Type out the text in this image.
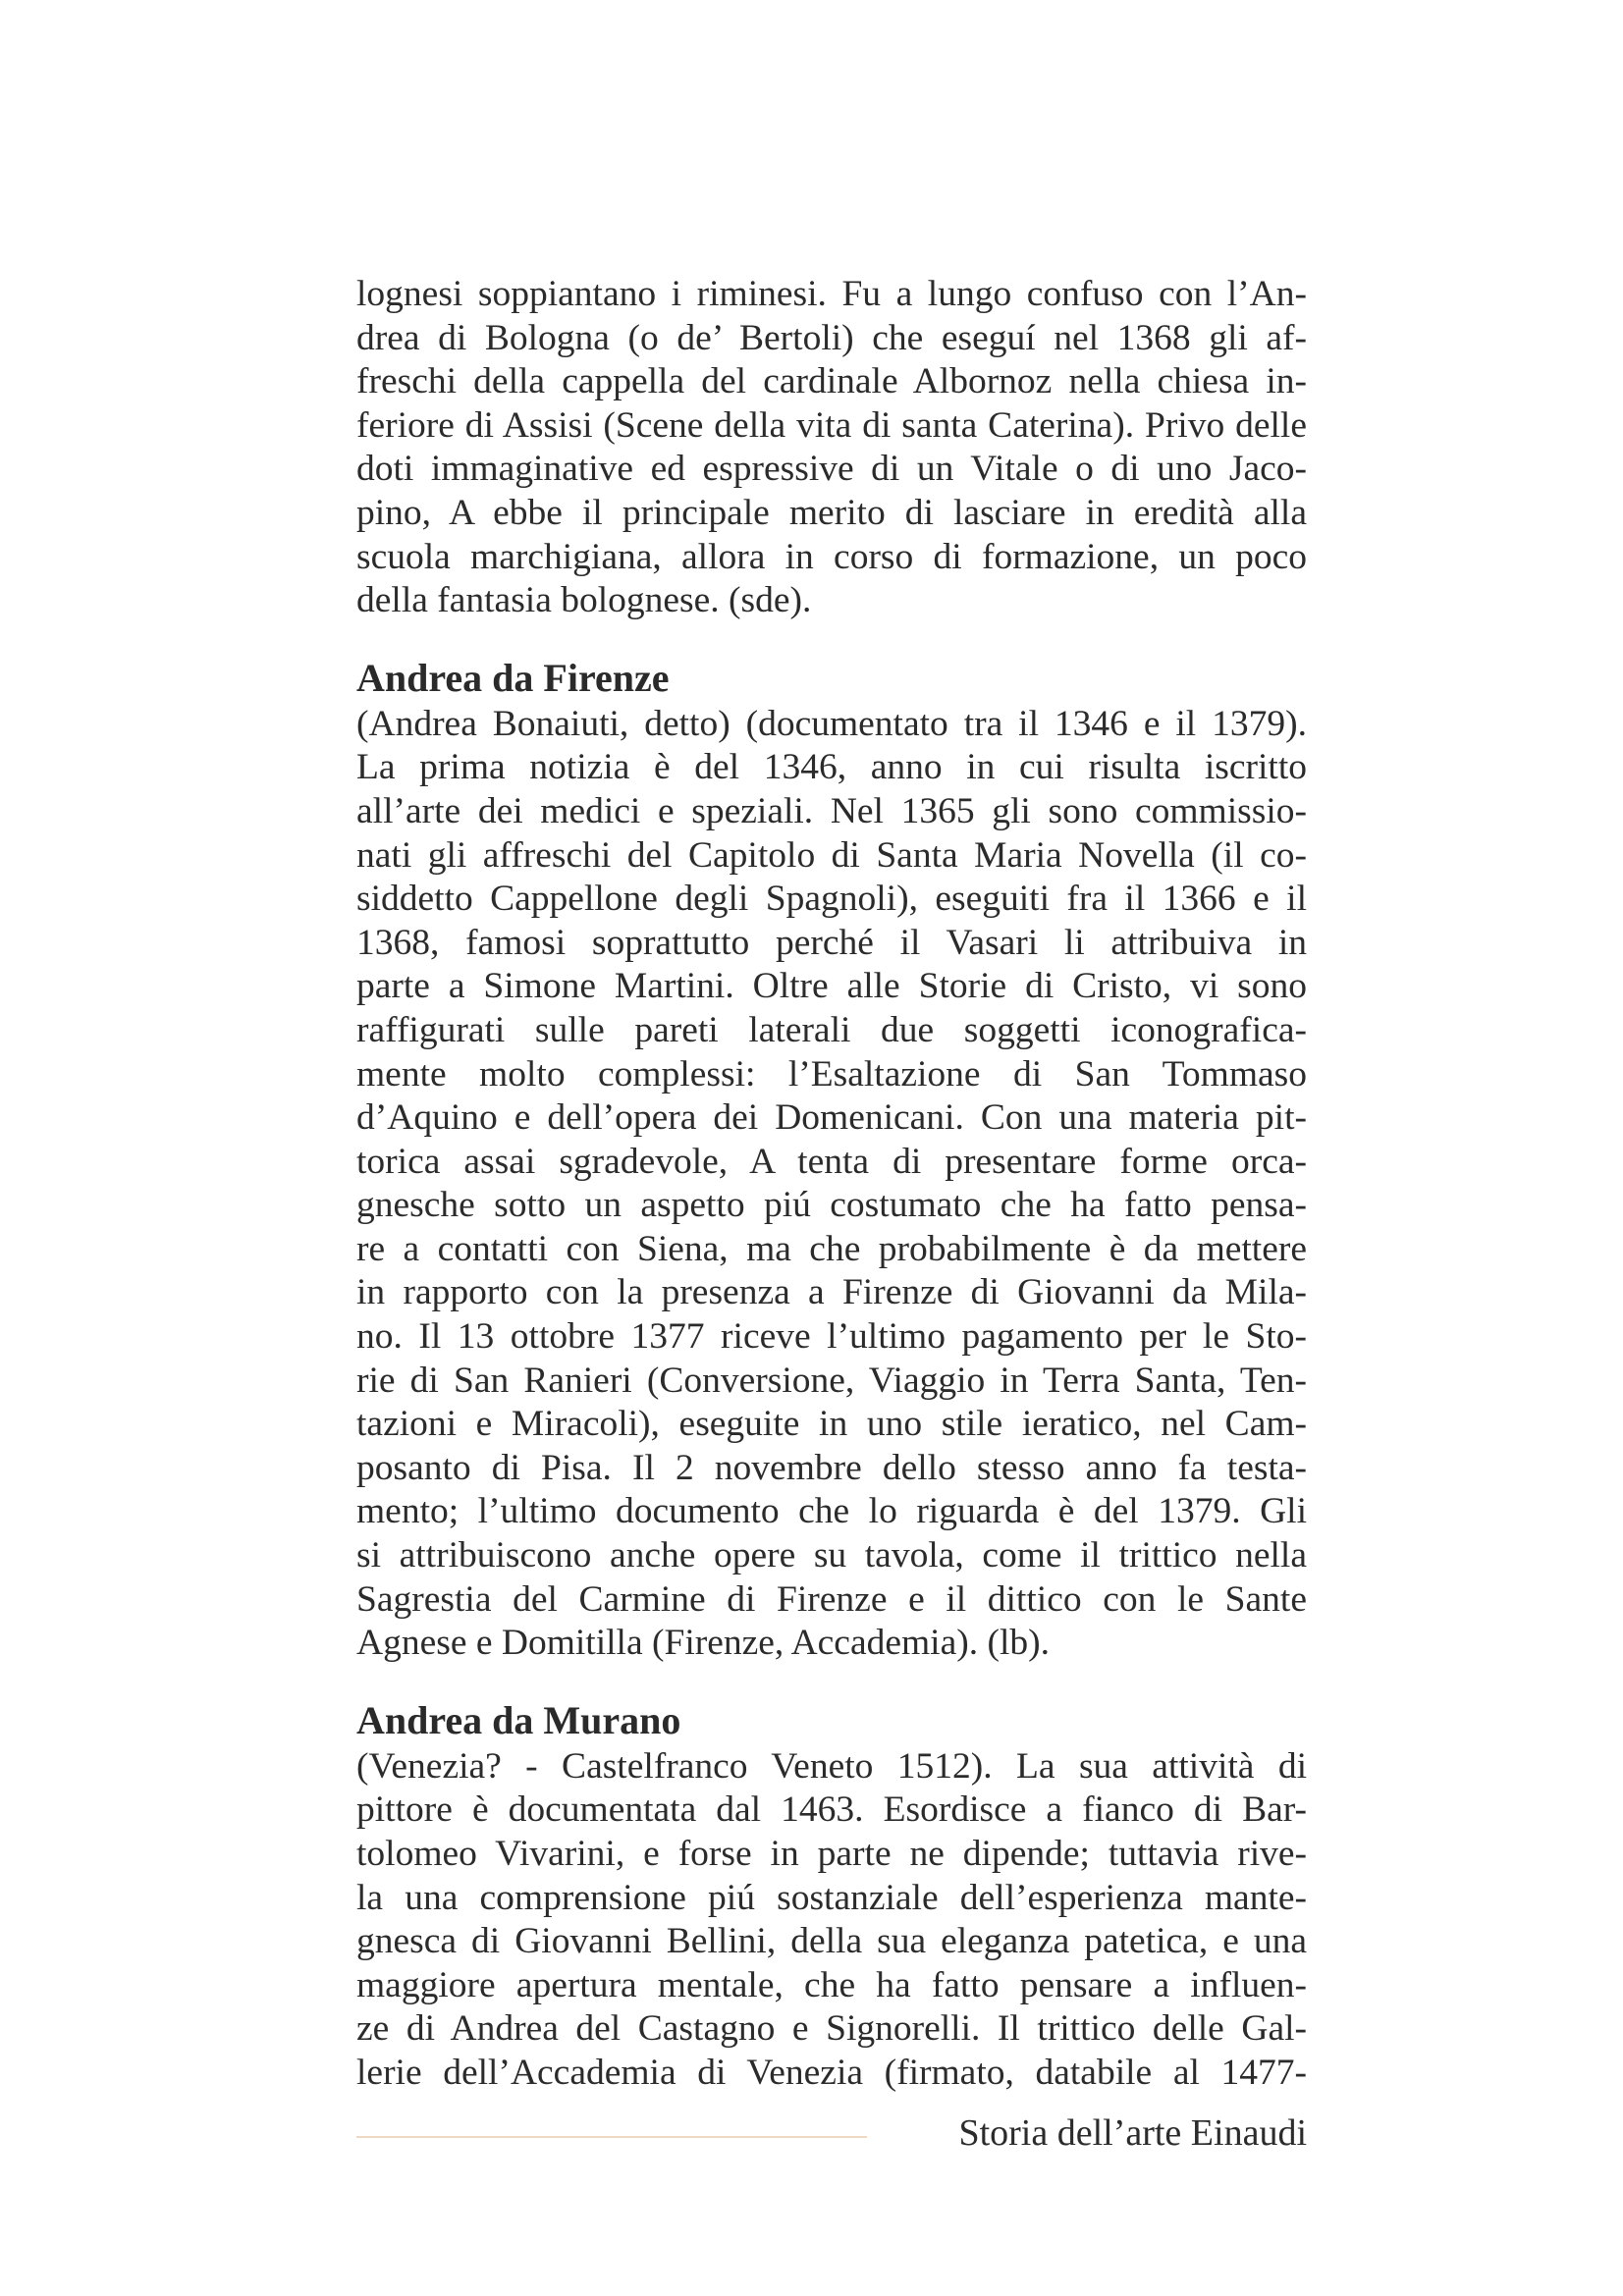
lognesi soppiantano i riminesi. Fu a lungo confuso con l’An-
drea di Bologna (o de’ Bertoli) che eseguí nel 1368 gli af-
freschi della cappella del cardinale Albornoz nella chiesa in-
feriore di Assisi (Scene della vita di santa Caterina). Privo delle
doti immaginative ed espressive di un Vitale o di uno Jaco-
pino, A ebbe il principale merito di lasciare in eredità alla
scuola marchigiana, allora in corso di formazione, un poco
della fantasia bolognese. (sde).
Andrea da Firenze
(Andrea Bonaiuti, detto) (documentato tra il 1346 e il 1379).
La prima notizia è del 1346, anno in cui risulta iscritto
all’arte dei medici e speziali. Nel 1365 gli sono commissio-
nati gli affreschi del Capitolo di Santa Maria Novella (il co-
siddetto Cappellone degli Spagnoli), eseguiti fra il 1366 e il
1368, famosi soprattutto perché il Vasari li attribuiva in
parte a Simone Martini. Oltre alle Storie di Cristo, vi sono
raffigurati sulle pareti laterali due soggetti iconografica-
mente molto complessi: l’Esaltazione di San Tommaso
d’Aquino e dell’opera dei Domenicani. Con una materia pit-
torica assai sgradevole, A tenta di presentare forme orca-
gnesche sotto un aspetto piú costumato che ha fatto pensa-
re a contatti con Siena, ma che probabilmente è da mettere
in rapporto con la presenza a Firenze di Giovanni da Mila-
no. Il 13 ottobre 1377 riceve l’ultimo pagamento per le Sto-
rie di San Ranieri (Conversione, Viaggio in Terra Santa, Ten-
tazioni e Miracoli), eseguite in uno stile ieratico, nel Cam-
posanto di Pisa. Il 2 novembre dello stesso anno fa testa-
mento; l’ultimo documento che lo riguarda è del 1379. Gli
si attribuiscono anche opere su tavola, come il trittico nella
Sagrestia del Carmine di Firenze e il dittico con le Sante
Agnese e Domitilla (Firenze, Accademia). (lb).
Andrea da Murano
(Venezia? - Castelfranco Veneto 1512). La sua attività di
pittore è documentata dal 1463. Esordisce a fianco di Bar-
tolomeo Vivarini, e forse in parte ne dipende; tuttavia rive-
la una comprensione piú sostanziale dell’esperienza mante-
gnesca di Giovanni Bellini, della sua eleganza patetica, e una
maggiore apertura mentale, che ha fatto pensare a influen-
ze di Andrea del Castagno e Signorelli. Il trittico delle Gal-
lerie dell’Accademia di Venezia (firmato, databile al 1477-
Storia dell’arte Einaudi
